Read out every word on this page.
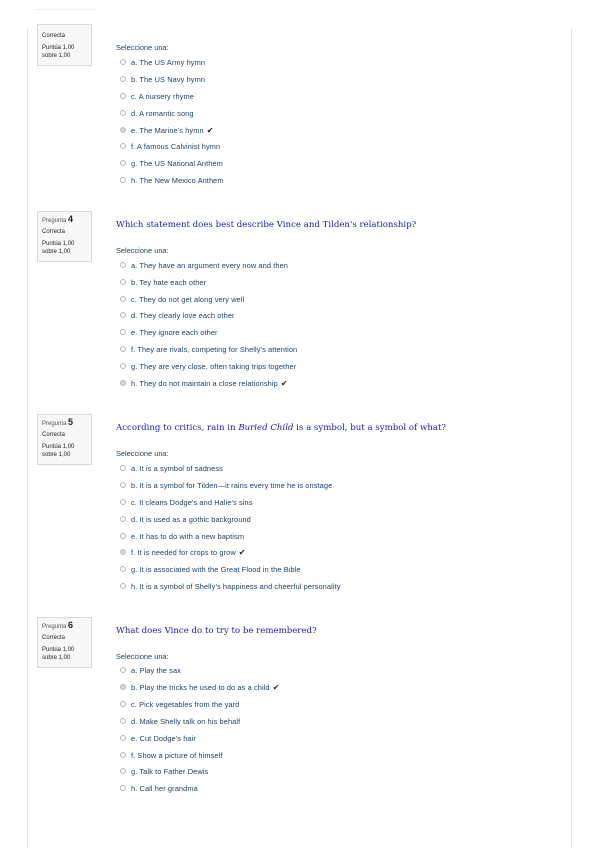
Correcta
Puntúa 1,00
sobre 1,00
Seleccione una:
a. The US Army hymn
b. The US Navy hymn
c. A nursery rhyme
d. A romantic song
e. The Marine's hymn ✔
f. A famous Calvinist hymn
g. The US National Anthem
h. The New Mexico Anthem
Pregunta 4
Correcta
Puntúa 1,00
sobre 1,00
Which statement does best describe Vince and Tilden's relationship?
Seleccione una:
a. They have an argument every now and then
b. Tey hate each other
c. They do not get along very well
d. They clearly love each other
e. They ignore each other
f. They are rivals, competing for Shelly's attention
g. They are very close, often taking trips together
h. They do not maintain a close relationship ✔
Pregunta 5
Correcta
Puntúa 1,00
sobre 1,00
According to critics, rain in Buried Child is a symbol, but a symbol of what?
Seleccione una:
a. It is a symbol of sadness
b. It is a symbol for Tilden—it rains every time he is onstage
c. It cleans Dodge's and Halie's sins
d. It is used as a gothic background
e. It has to do with a new baptism
f. It is needed for crops to grow ✔
g. It is associated with the Great Flood in the Bible
h. It is a symbol of Shelly's happiness and cheerful personality
Pregunta 6
Correcta
Puntúa 1,00
sobre 1,00
What does Vince do to try to be remembered?
Seleccione una:
a. Play the sax
b. Play the tricks he used to do as a child ✔
c. Pick vegetables from the yard
d. Make Shelly talk on his behalf
e. Cut Dodge's hair
f. Show a picture of himself
g. Talk to Father Dewis
h. Call her grandma
